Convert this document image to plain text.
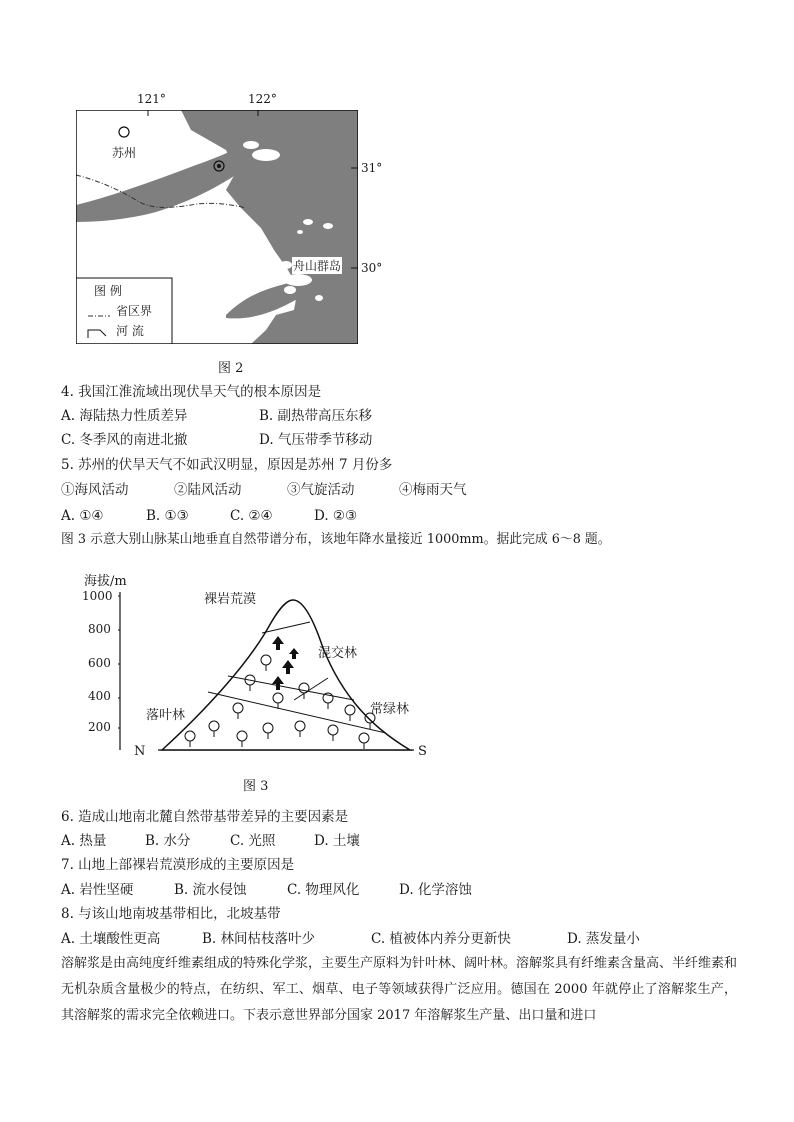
121°	122°
苏州
舟山群岛
31°
30°
图 例
省区界
河 流
图 2
4. 我国江淮流域出现伏旱天气的根本原因是
A. 海陆热力性质差异	B. 副热带高压东移
C. 冬季风的南进北撤	D. 气压带季节移动
5. 苏州的伏旱天气不如武汉明显，原因是苏州 7 月份多
①海风活动	②陆风活动	③气旋活动	④梅雨天气
A. ①④	B. ①③	C. ②④	D. ②③
图 3 示意大别山脉某山地垂直自然带谱分布，该地年降水量接近 1000mm。据此完成 6～8 题。
海拔/m
1000
800
600
400
200
裸岩荒漠
混交林
常绿林
落叶林
N	S
图 3
6. 造成山地南北麓自然带基带差异的主要因素是
A. 热量	B. 水分	C. 光照	D. 土壤
7. 山地上部裸岩荒漠形成的主要原因是
A. 岩性坚硬	B. 流水侵蚀	C. 物理风化	D. 化学溶蚀
8. 与该山地南坡基带相比，北坡基带
A. 土壤酸性更高	B. 林间枯枝落叶少	C. 植被体内养分更新快	D. 蒸发量小
溶解浆是由高纯度纤维素组成的特殊化学浆，主要生产原料为针叶林、阔叶林。溶解浆具有纤维素含量高、半纤维素和无机杂质含量极少的特点，在纺织、军工、烟草、电子等领域获得广泛应用。德国在 2000 年就停止了溶解浆生产，其溶解浆的需求完全依赖进口。下表示意世界部分国家 2017 年溶解浆生产量、出口量和进口
